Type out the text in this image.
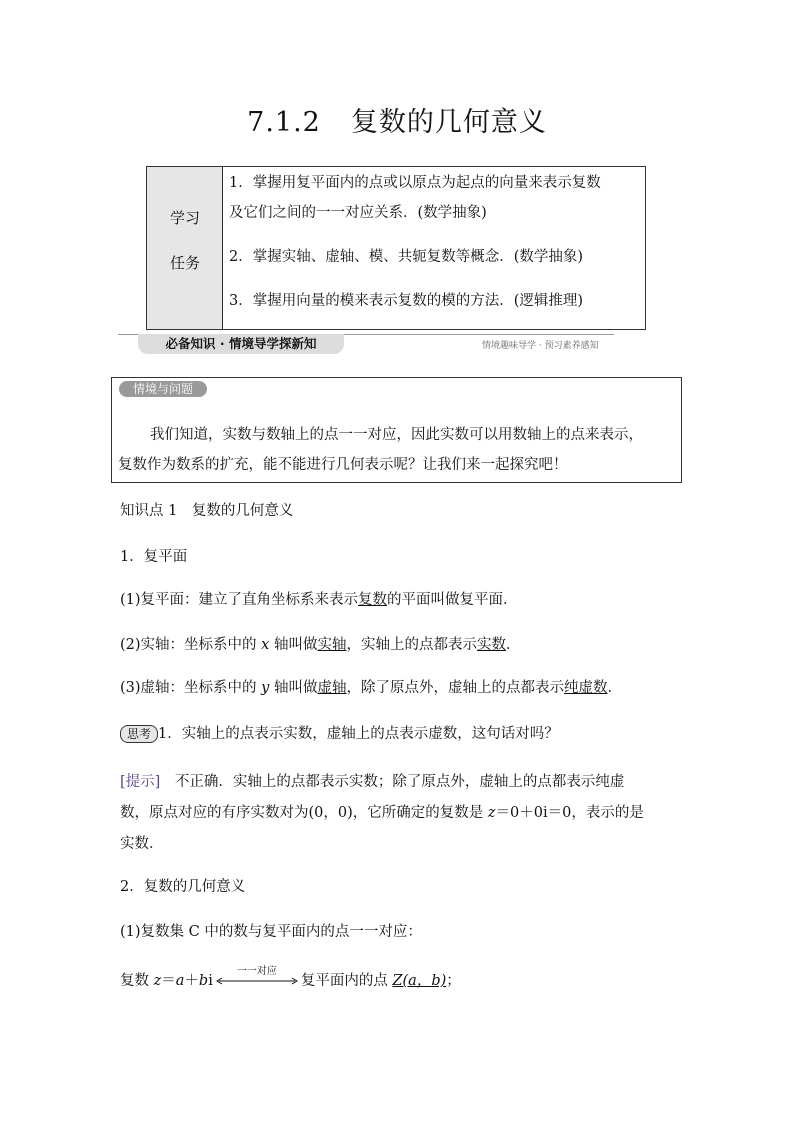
7.1.2 复数的几何意义
学习
任务
1．掌握用复平面内的点或以原点为起点的向量来表示复数
及它们之间的一一对应关系．(数学抽象)
2．掌握实轴、虚轴、模、共轭复数等概念．(数学抽象)
3．掌握用向量的模来表示复数的模的方法．(逻辑推理)
必备知识 · 情境导学探新知	情境趣味导学 · 预习素养感知
情境与问题
我们知道，实数与数轴上的点一一对应，因此实数可以用数轴上的点来表示，
复数作为数系的扩充，能不能进行几何表示呢？让我们来一起探究吧！
知识点 1　复数的几何意义
1．复平面
(1)复平面：建立了直角坐标系来表示复数的平面叫做复平面．
(2)实轴：坐标系中的 x 轴叫做实轴，实轴上的点都表示实数．
(3)虚轴：坐标系中的 y 轴叫做虚轴，除了原点外，虚轴上的点都表示纯虚数．
思考 1．实轴上的点表示实数，虚轴上的点表示虚数，这句话对吗？
[提示]　不正确．实轴上的点都表示实数；除了原点外，虚轴上的点都表示纯虚
数，原点对应的有序实数对为(0，0)，它所确定的复数是 z＝0＋0i＝0，表示的是
实数．
2．复数的几何意义
(1)复数集 C 中的数与复平面内的点一一对应：
复数 z＝a＋bi
一一对应
复平面内的点 Z(a，b)；
